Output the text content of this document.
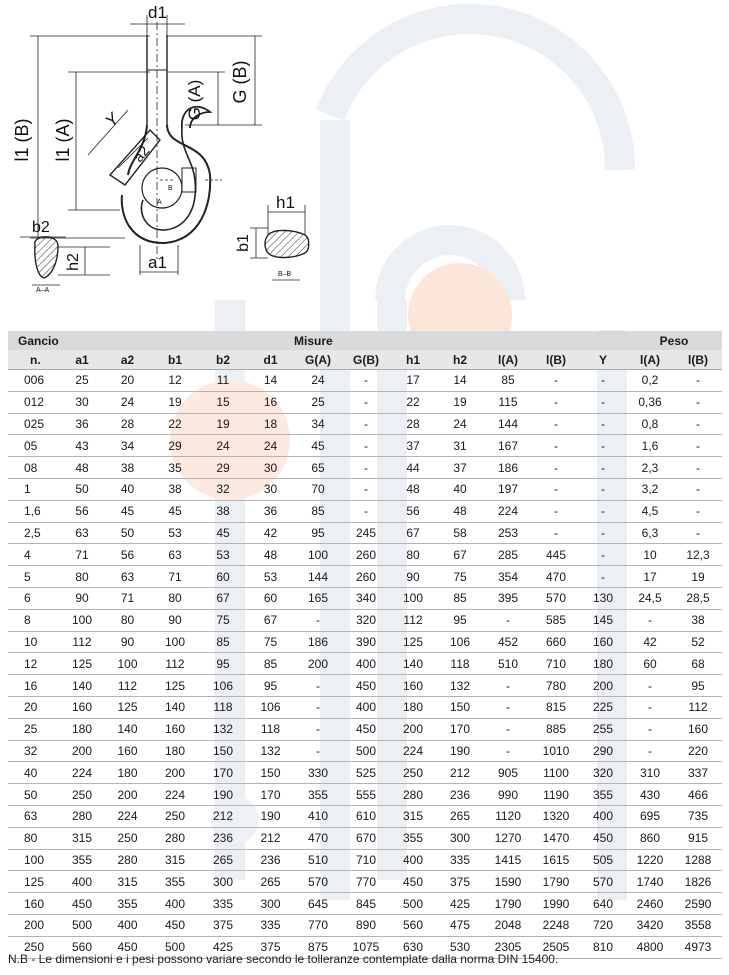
d1
l1 (B) l1 (A)
G (A) G (B)
Y
a2
B
A
b2
h2
A–A
a1
h1
b1
B–B
Gancio						Misure							Peso	
n.	a1	a2	b1	b2	d1	G(A)	G(B)	h1	h2	l(A)	l(B)	Y	l(A)	l(B)
006	25	20	12	11	14	24	-	17	14	85	-	-	0,2	-
012	30	24	19	15	16	25	-	22	19	115	-	-	0,36	-
025	36	28	22	19	18	34	-	28	24	144	-	-	0,8	-
05	43	34	29	24	24	45	-	37	31	167	-	-	1,6	-
08	48	38	35	29	30	65	-	44	37	186	-	-	2,3	-
1	50	40	38	32	30	70	-	48	40	197	-	-	3,2	-
1,6	56	45	45	38	36	85	-	56	48	224	-	-	4,5	-
2,5	63	50	53	45	42	95	245	67	58	253	-	-	6,3	-
4	71	56	63	53	48	100	260	80	67	285	445	-	10	12,3
5	80	63	71	60	53	144	260	90	75	354	470	-	17	19
6	90	71	80	67	60	165	340	100	85	395	570	130	24,5	28,5
8	100	80	90	75	67	-	320	112	95	-	585	145	-	38
10	112	90	100	85	75	186	390	125	106	452	660	160	42	52
12	125	100	112	95	85	200	400	140	118	510	710	180	60	68
16	140	112	125	106	95	-	450	160	132	-	780	200	-	95
20	160	125	140	118	106	-	400	180	150	-	815	225	-	112
25	180	140	160	132	118	-	450	200	170	-	885	255	-	160
32	200	160	180	150	132	-	500	224	190	-	1010	290	-	220
40	224	180	200	170	150	330	525	250	212	905	1100	320	310	337
50	250	200	224	190	170	355	555	280	236	990	1190	355	430	466
63	280	224	250	212	190	410	610	315	265	1120	1320	400	695	735
80	315	250	280	236	212	470	670	355	300	1270	1470	450	860	915
100	355	280	315	265	236	510	710	400	335	1415	1615	505	1220	1288
125	400	315	355	300	265	570	770	450	375	1590	1790	570	1740	1826
160	450	355	400	335	300	645	845	500	425	1790	1990	640	2460	2590
200	500	400	450	375	335	770	890	560	475	2048	2248	720	3420	3558
250	560	450	500	425	375	875	1075	630	530	2305	2505	810	4800	4973
N.B - Le dimensioni e i pesi possono variare secondo le tolleranze contemplate dalla norma DIN 15400.
